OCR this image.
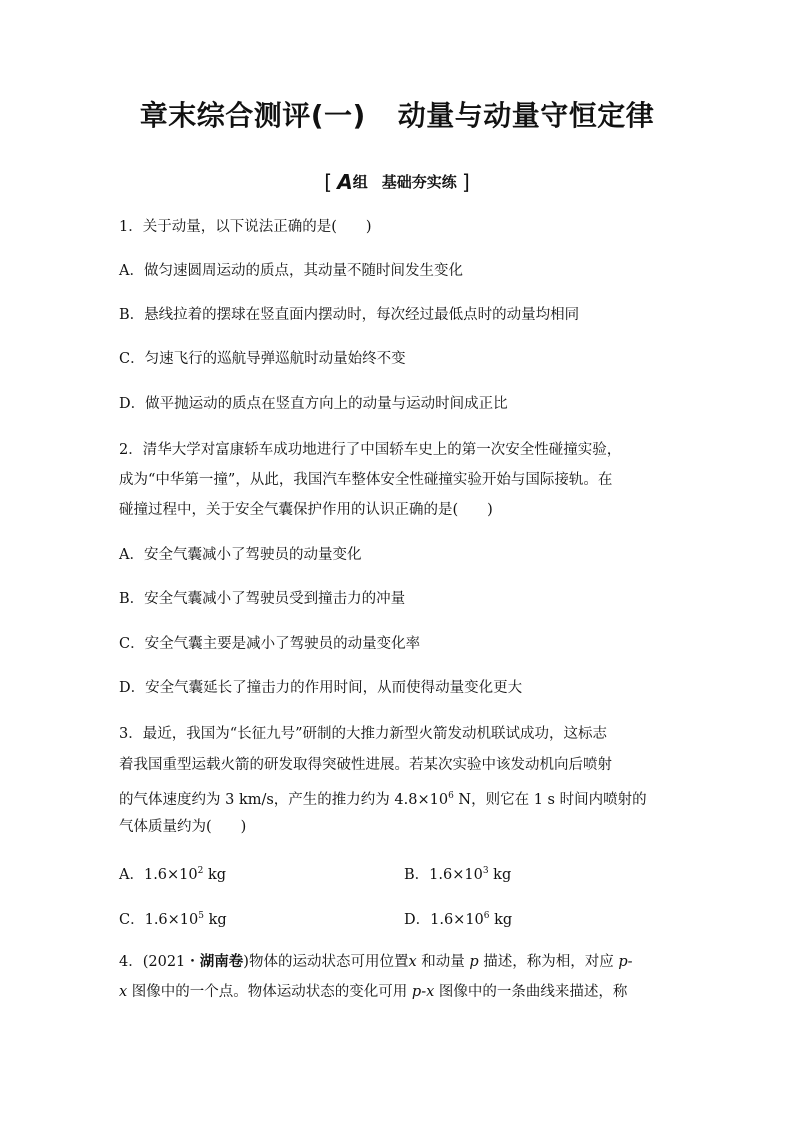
章末综合测评(一) 动量与动量守恒定律
[ A组 基础夯实练 ]
1．关于动量，以下说法正确的是(　　)
A．做匀速圆周运动的质点，其动量不随时间发生变化
B．悬线拉着的摆球在竖直面内摆动时，每次经过最低点时的动量均相同
C．匀速飞行的巡航导弹巡航时动量始终不变
D．做平抛运动的质点在竖直方向上的动量与运动时间成正比
2．清华大学对富康轿车成功地进行了中国轿车史上的第一次安全性碰撞实验，
成为“中华第一撞”，从此，我国汽车整体安全性碰撞实验开始与国际接轨。在
碰撞过程中，关于安全气囊保护作用的认识正确的是(　　)
A．安全气囊减小了驾驶员的动量变化
B．安全气囊减小了驾驶员受到撞击力的冲量
C．安全气囊主要是减小了驾驶员的动量变化率
D．安全气囊延长了撞击力的作用时间，从而使得动量变化更大
3．最近，我国为“长征九号”研制的大推力新型火箭发动机联试成功，这标志
着我国重型运载火箭的研发取得突破性进展。若某次实验中该发动机向后喷射
的气体速度约为 3 km/s，产生的推力约为 $4.8\times 10^6$ N，则它在 1 s 时间内喷射的
气体质量约为(　　)
A．$1.6\times 10^2$ kg	B．$1.6\times 10^3$ kg
C．$1.6\times 10^5$ kg	D．$1.6\times 10^6$ kg
4．(2021・湖南卷)物体的运动状态可用位置x 和动量 p 描述，称为相，对应 p-
x 图像中的一个点。物体运动状态的变化可用 p-x 图像中的一条曲线来描述，称
